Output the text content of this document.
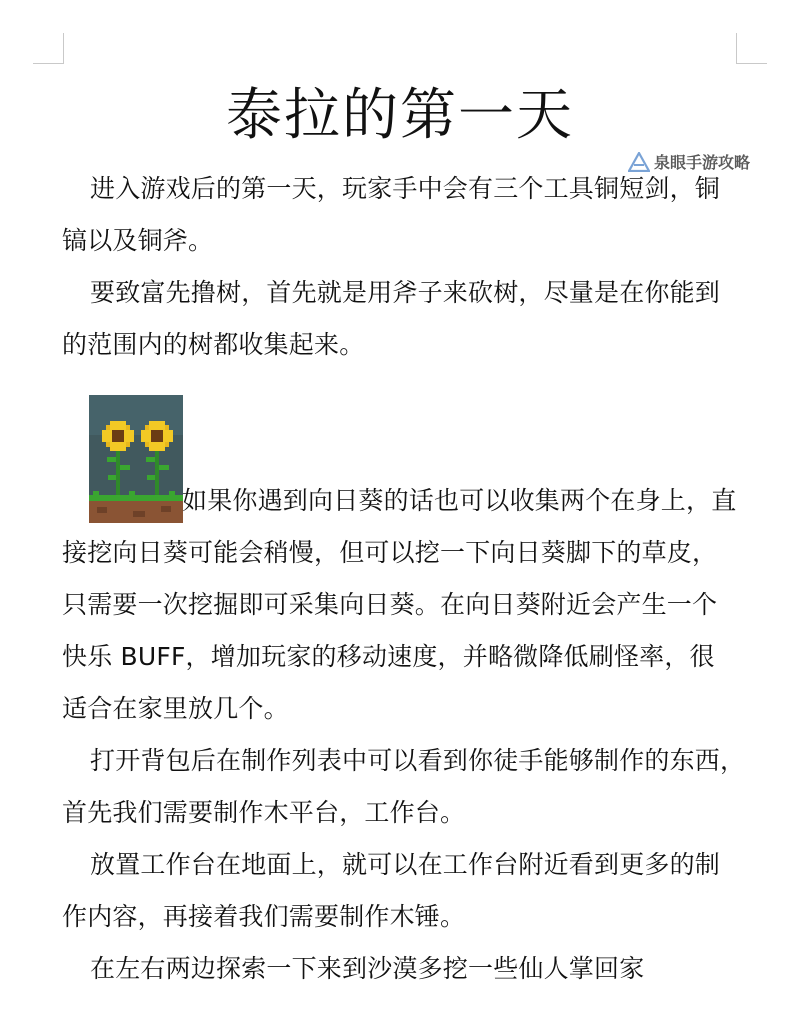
泰拉的第一天
泉眼手游攻略

进入游戏后的第一天，玩家手中会有三个工具铜短剑，铜
镐以及铜斧。

要致富先撸树，首先就是用斧子来砍树，尽量是在你能到
的范围内的树都收集起来。

如果你遇到向日葵的话也可以收集两个在身上，直
接挖向日葵可能会稍慢，但可以挖一下向日葵脚下的草皮，
只需要一次挖掘即可采集向日葵。在向日葵附近会产生一个
快乐 BUFF，增加玩家的移动速度，并略微降低刷怪率，很
适合在家里放几个。

打开背包后在制作列表中可以看到你徒手能够制作的东西，
首先我们需要制作木平台，工作台。

放置工作台在地面上，就可以在工作台附近看到更多的制
作内容，再接着我们需要制作木锤。

在左右两边探索一下来到沙漠多挖一些仙人掌回家
